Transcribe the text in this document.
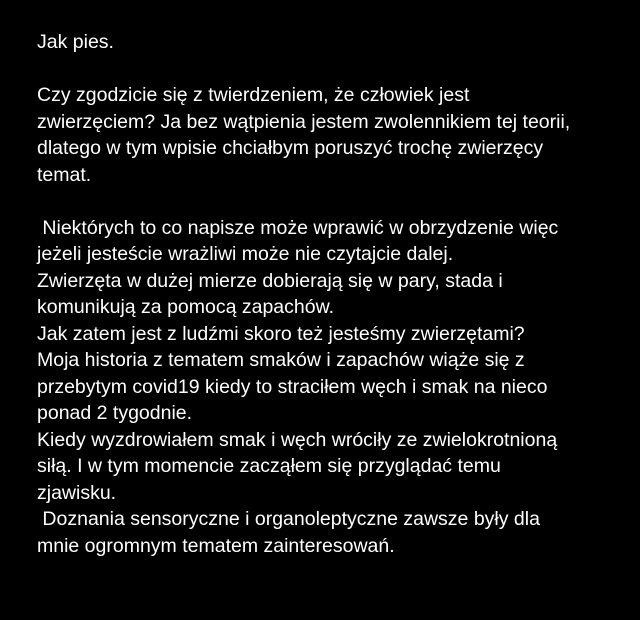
Jak pies.
Czy zgodzicie się z twierdzeniem, że człowiek jest
zwierzęciem? Ja bez wątpienia jestem zwolennikiem tej teorii,
dlatego w tym wpisie chciałbym poruszyć trochę zwierzęcy
temat.
Niektórych to co napisze może wprawić w obrzydzenie więc
jeżeli jesteście wrażliwi może nie czytajcie dalej.
Zwierzęta w dużej mierze dobierają się w pary, stada i
komunikują za pomocą zapachów.
Jak zatem jest z ludźmi skoro też jesteśmy zwierzętami?
Moja historia z tematem smaków i zapachów wiąże się z
przebytym covid19 kiedy to straciłem węch i smak na nieco
ponad 2 tygodnie.
Kiedy wyzdrowiałem smak i węch wróciły ze zwielokrotnioną
siłą. I w tym momencie zacząłem się przyglądać temu
zjawisku.
Doznania sensoryczne i organoleptyczne zawsze były dla
mnie ogromnym tematem zainteresowań.
